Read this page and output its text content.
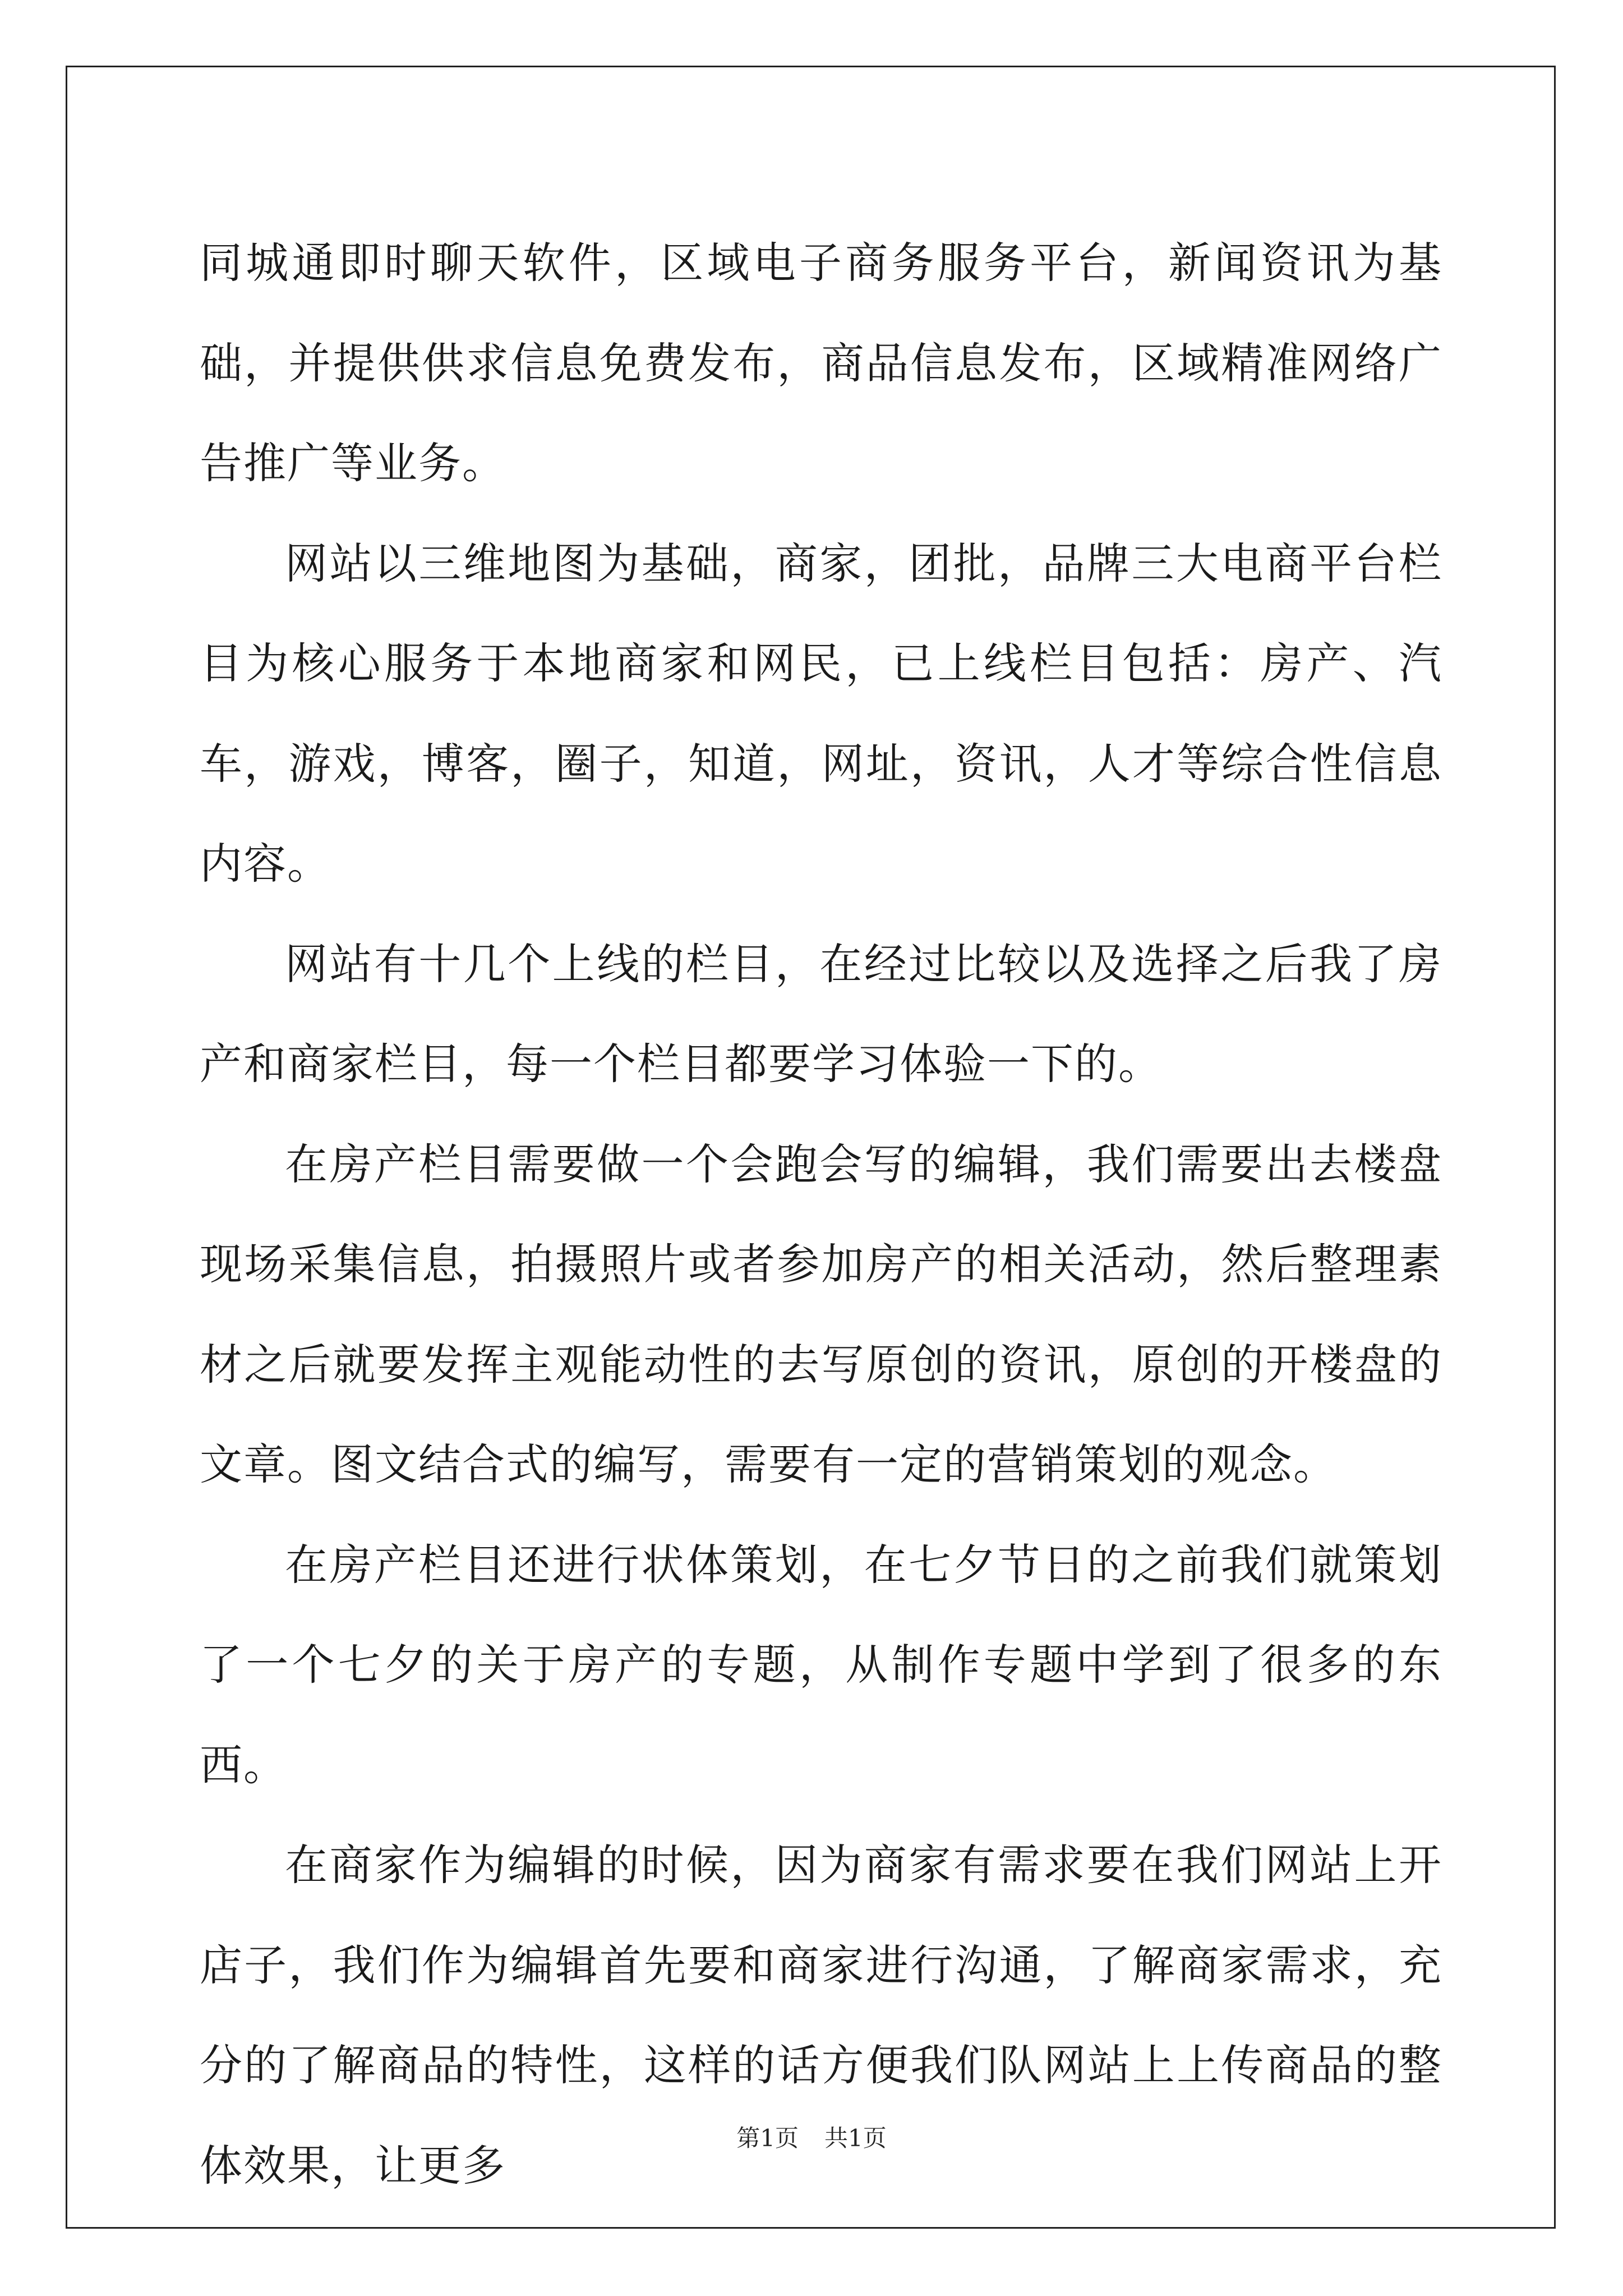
同城通即时聊天软件，区域电子商务服务平台，新闻资讯为基础，并提供供求信息免费发布，商品信息发布，区域精准网络广告推广等业务。

网站以三维地图为基础，商家，团批，品牌三大电商平台栏目为核心服务于本地商家和网民，已上线栏目包括：房产、汽车，游戏，博客，圈子，知道，网址，资讯，人才等综合性信息内容。

网站有十几个上线的栏目，在经过比较以及选择之后我了房产和商家栏目，每一个栏目都要学习体验一下的。

在房产栏目需要做一个会跑会写的编辑，我们需要出去楼盘现场采集信息，拍摄照片或者参加房产的相关活动，然后整理素材之后就要发挥主观能动性的去写原创的资讯，原创的开楼盘的文章。图文结合式的编写，需要有一定的营销策划的观念。

在房产栏目还进行状体策划，在七夕节日的之前我们就策划了一个七夕的关于房产的专题，从制作专题中学到了很多的东西。

在商家作为编辑的时候，因为商家有需求要在我们网站上开店子，我们作为编辑首先要和商家进行沟通，了解商家需求，充分的了解商品的特性，这样的话方便我们队网站上上传商品的整体效果，让更多

第1页 共1页
